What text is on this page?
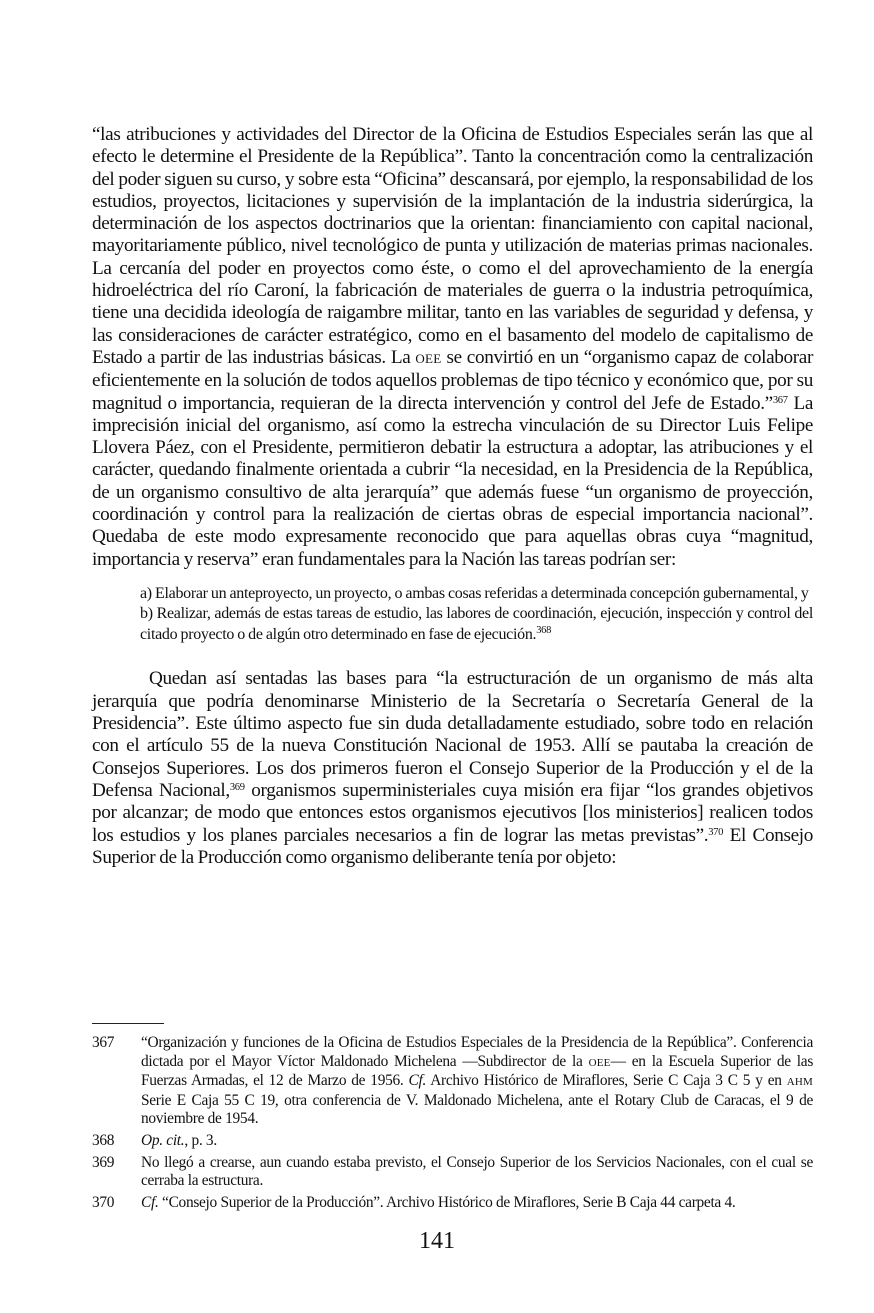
“las atribuciones y actividades del Director de la Oficina de Estudios Especiales serán las que al efecto le determine el Presidente de la República”. Tanto la concentración como la centralización del poder siguen su curso, y sobre esta “Oficina” descansará, por ejemplo, la responsabilidad de los estudios, proyectos, licitaciones y supervisión de la implantación de la industria siderúrgica, la determinación de los aspectos doctrinarios que la orientan: financiamiento con capital nacional, mayoritariamente público, nivel tecnológico de punta y utilización de materias primas nacionales. La cercanía del poder en proyectos como éste, o como el del aprovechamiento de la energía hidroeléctrica del río Caroní, la fabricación de materiales de guerra o la industria petroquímica, tiene una decidida ideología de raigambre militar, tanto en las variables de seguridad y defensa, y las consideraciones de carácter estratégico, como en el basamento del modelo de capitalismo de Estado a partir de las industrias básicas. La OEE se convirtió en un “organismo capaz de colaborar eficientemente en la solución de todos aquellos problemas de tipo técnico y económico que, por su magnitud o importancia, requieran de la directa intervención y control del Jefe de Estado.”$^{367}$ La imprecisión inicial del organismo, así como la estrecha vinculación de su Director Luis Felipe Llovera Páez, con el Presidente, permitieron debatir la estructura a adoptar, las atribuciones y el carácter, quedando finalmente orientada a cubrir “la necesidad, en la Presidencia de la República, de un organismo consultivo de alta jerarquía” que además fuese “un organismo de proyección, coordinación y control para la realización de ciertas obras de especial importancia nacional”. Quedaba de este modo expresamente reconocido que para aquellas obras cuya “magnitud, importancia y reserva” eran fundamentales para la Nación las tareas podrían ser:

a) Elaborar un anteproyecto, un proyecto, o ambas cosas referidas a determinada concepción gubernamental, y

b) Realizar, además de estas tareas de estudio, las labores de coordinación, ejecución, inspección y control del citado proyecto o de algún otro determinado en fase de ejecución.$^{368}$

Quedan así sentadas las bases para “la estructuración de un organismo de más alta jerarquía que podría denominarse Ministerio de la Secretaría o Secretaría General de la Presidencia”. Este último aspecto fue sin duda detalladamente estudiado, sobre todo en relación con el artículo 55 de la nueva Constitución Nacional de 1953. Allí se pautaba la creación de Consejos Superiores. Los dos primeros fueron el Consejo Superior de la Producción y el de la Defensa Nacional,$^{369}$ organismos superministeriales cuya misión era fijar “los grandes objetivos por alcanzar; de modo que entonces estos organismos ejecutivos [los ministerios] realicen todos los estudios y los planes parciales necesarios a fin de lograr las metas previstas”.$^{370}$ El Consejo Superior de la Producción como organismo deliberante tenía por objeto:

367	“Organización y funciones de la Oficina de Estudios Especiales de la Presidencia de la República”. Conferencia dictada por el Mayor Víctor Maldonado Michelena —Subdirector de la OEE— en la Escuela Superior de las Fuerzas Armadas, el 12 de Marzo de 1956. Cf. Archivo Histórico de Miraflores, Serie C Caja 3 C 5 y en AHM Serie E Caja 55 C 19, otra conferencia de V. Maldonado Michelena, ante el Rotary Club de Caracas, el 9 de noviembre de 1954.
368	Op. cit., p. 3.
369	No llegó a crearse, aun cuando estaba previsto, el Consejo Superior de los Servicios Nacionales, con el cual se cerraba la estructura.
370	Cf. “Consejo Superior de la Producción”. Archivo Histórico de Miraflores, Serie B Caja 44 carpeta 4.
141
